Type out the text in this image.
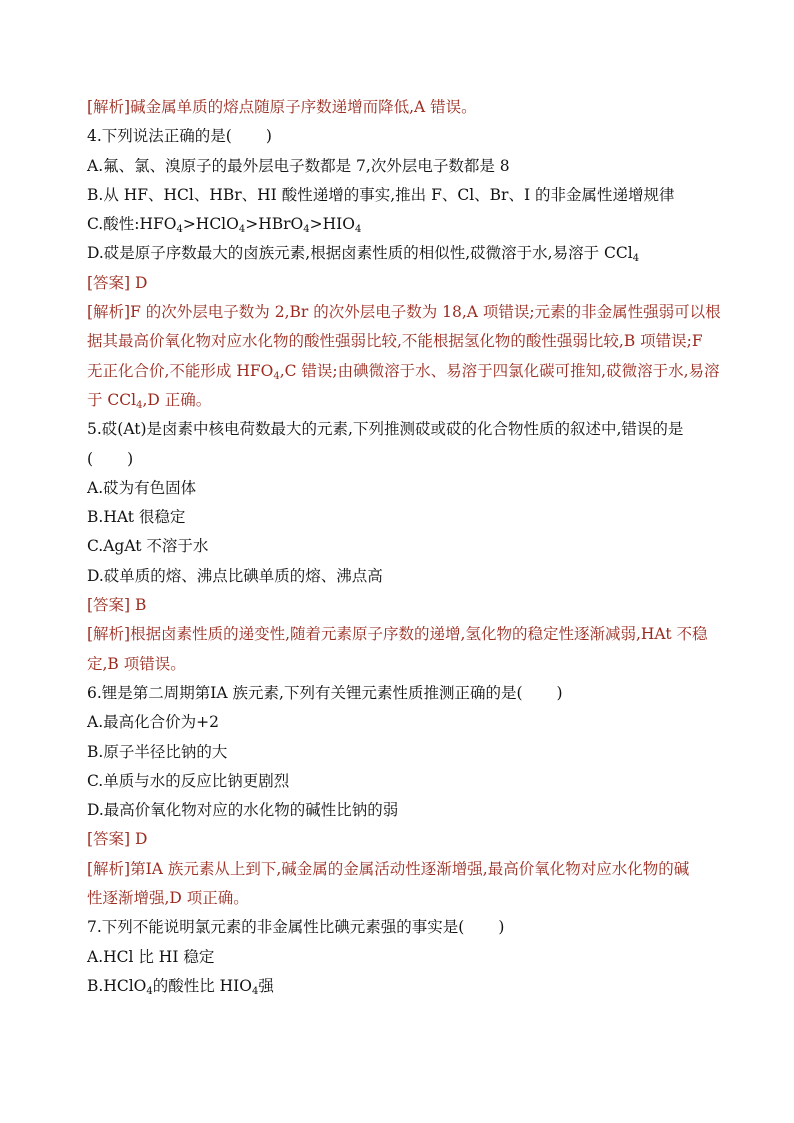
[解析]碱金属单质的熔点随原子序数递增而降低,A 错误。
4.下列说法正确的是( )
A.氟、氯、溴原子的最外层电子数都是 7,次外层电子数都是 8
B.从 HF、HCl、HBr、HI 酸性递增的事实,推出 F、Cl、Br、I 的非金属性递增规律
C.酸性$:HFO_4>HClO_4>HBrO_4>HIO_4$
D.砹是原子序数最大的卤族元素,根据卤素性质的相似性,砹微溶于水,易溶于 CCl$_4$
[答案] D
[解析]F 的次外层电子数为 2,Br 的次外层电子数为 18,A 项错误;元素的非金属性强弱可以根
据其最高价氧化物对应水化物的酸性强弱比较,不能根据氢化物的酸性强弱比较,B 项错误;F
无正化合价,不能形成 $HFO_4,C$ 错误;由碘微溶于水、易溶于四氯化碳可推知,砹微溶于水,易溶
于 CCl$_4$,D 正确。
5.砹(At)是卤素中核电荷数最大的元素,下列推测砹或砹的化合物性质的叙述中,错误的是
( )
A.砹为有色固体
B.HAt 很稳定
C.AgAt 不溶于水
D.砹单质的熔、沸点比碘单质的熔、沸点高
[答案] B
[解析]根据卤素性质的递变性,随着元素原子序数的递增,氢化物的稳定性逐渐减弱,HAt 不稳
定,B 项错误。
6.锂是第二周期第ⅠA 族元素,下列有关锂元素性质推测正确的是( )
A.最高化合价为+2
B.原子半径比钠的大
C.单质与水的反应比钠更剧烈
D.最高价氧化物对应的水化物的碱性比钠的弱
[答案] D
[解析]第ⅠA 族元素从上到下,碱金属的金属活动性逐渐增强,最高价氧化物对应水化物的碱
性逐渐增强,D 项正确。
7.下列不能说明氯元素的非金属性比碘元素强的事实是( )
A.HCl 比 HI 稳定
B.HClO$_4$的酸性比 $HIO_4$强
